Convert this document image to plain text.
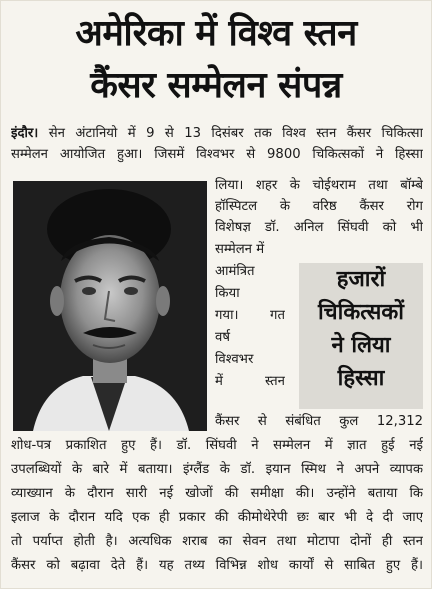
अमेरिका में विश्व स्तन
कैंसर सम्मेलन संपन्न
इंदौर। सेन अंटानियो में 9 से 13 दिसंबर तक विश्व स्तन कैंसर चिकित्सा
सम्मेलन आयोजित हुआ। जिसमें विश्वभर से 9800 चिकित्सकों ने हिस्सा
लिया। शहर के चोईथराम तथा बॉम्बे
हॉस्पिटल के वरिष्ठ कैंसर रोग
विशेषज्ञ डॉ. अनिल सिंघवी को भी
सम्मेलन में
आमंत्रित
किया
गया। गत
वर्ष
विश्वभर
में स्तन
हजारों
चिकित्सकों
ने लिया
हिस्सा
कैंसर से संबंधित कुल 12,312
शोध-पत्र प्रकाशित हुए हैं। डॉ. सिंघवी ने सम्मेलन में ज्ञात हुई नई
उपलब्धियों के बारे में बताया। इंग्लैंड के डॉ. इयान स्मिथ ने अपने व्यापक
व्याख्यान के दौरान सारी नई खोजों की समीक्षा की। उन्होंने बताया कि
इलाज के दौरान यदि एक ही प्रकार की कीमोथेरेपी छः बार भी दे दी जाए
तो पर्याप्त होती है। अत्यधिक शराब का सेवन तथा मोटापा दोनों ही स्तन
कैंसर को बढ़ावा देते हैं। यह तथ्य विभिन्न शोध कार्यों से साबित हुए हैं।
